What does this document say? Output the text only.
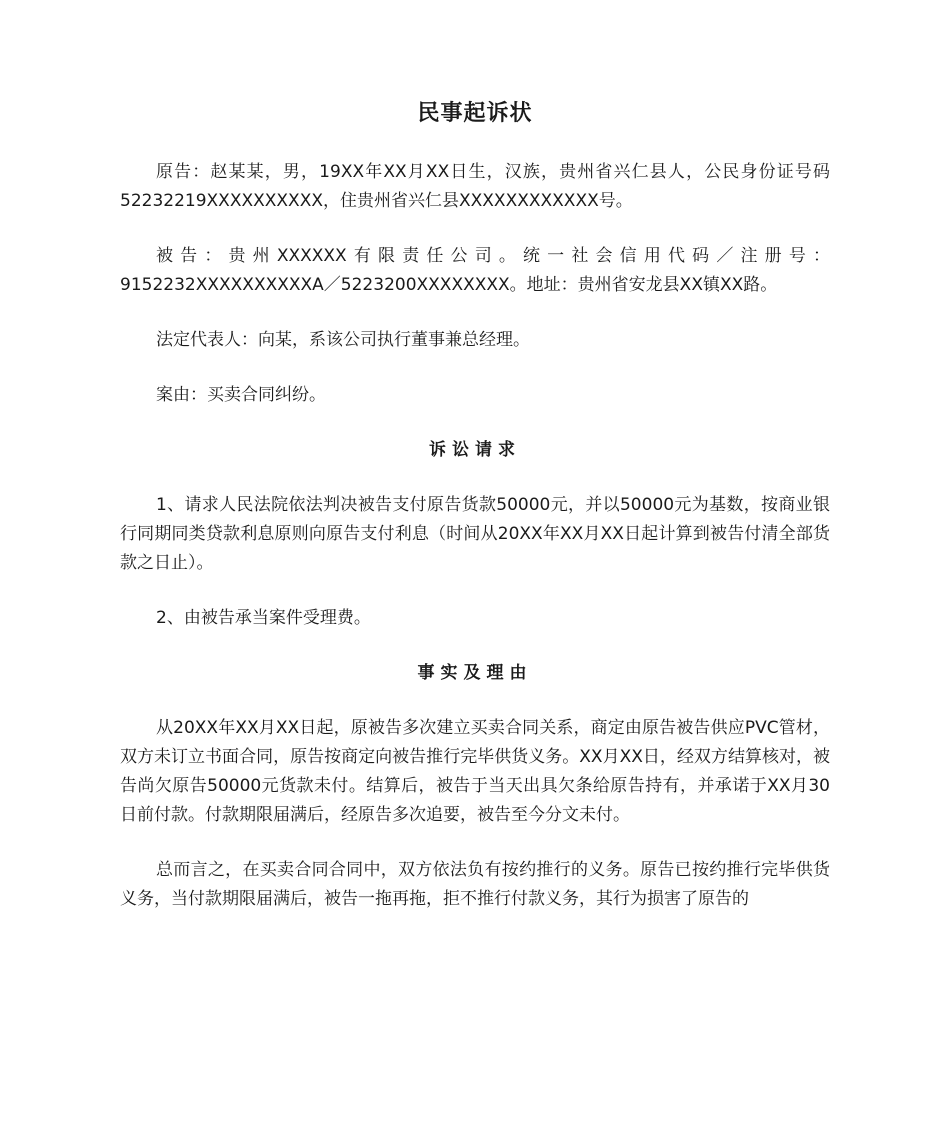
民事起诉状

原告：赵某某，男，19XX年XX月XX日生，汉族，贵州省兴仁县人，公民身份证号码52232219XXXXXXXXXX，住贵州省兴仁县XXXXXXXXXXXX号。

被告：贵州XXXXXX有限责任公司。统一社会信用代码／注册号：9152232XXXXXXXXXXA／5223200XXXXXXXX。地址：贵州省安龙县XX镇XX路。

法定代表人：向某，系该公司执行董事兼总经理。

案由：买卖合同纠纷。

诉讼请求

1、请求人民法院依法判决被告支付原告货款50000元，并以50000元为基数，按商业银行同期同类贷款利息原则向原告支付利息（时间从20XX年XX月XX日起计算到被告付清全部货款之日止）。

2、由被告承当案件受理费。

事实及理由

从20XX年XX月XX日起，原被告多次建立买卖合同关系，商定由原告被告供应PVC管材，双方未订立书面合同，原告按商定向被告推行完毕供货义务。XX月XX日，经双方结算核对，被告尚欠原告50000元货款未付。结算后，被告于当天出具欠条给原告持有，并承诺于XX月30日前付款。付款期限届满后，经原告多次追要，被告至今分文未付。

总而言之，在买卖合同合同中，双方依法负有按约推行的义务。原告已按约推行完毕供货义务，当付款期限届满后，被告一拖再拖，拒不推行付款义务，其行为损害了原告的
